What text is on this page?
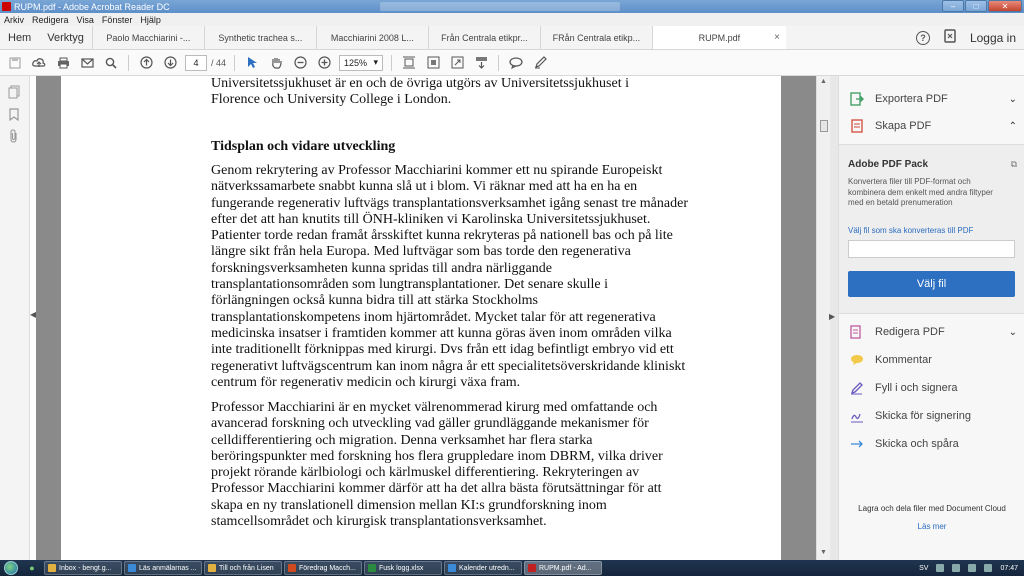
RUPM.pdf - Adobe Acrobat Reader DC	–	□	✕
Arkiv Redigera Visa Fönster Hjälp
Hem	Verktyg	Paolo Macchiarini -...	Synthetic trachea s...	Macchiarini 2008 L...	Från Centrala etikpr...	FRån Centrala etikp...	RUPM.pdf	×	?	Logga in
4	/ 44	125% ▾
◀
Universitetssjukhuset är en och de övriga utgörs av Universitetssjukhuset i
Florence och University College i London.
Tidsplan och vidare utveckling
Genom rekrytering av Professor Macchiarini kommer ett nu spirande Europeiskt
nätverkssamarbete snabbt kunna slå ut i blom. Vi räknar med att ha en ha en
fungerande regenerativ luftvägs transplantationsverksamhet igång senast tre månader
efter det att han knutits till ÖNH-kliniken vi Karolinska Universitetssjukhuset.
Patienter torde redan framåt årsskiftet kunna rekryteras på nationell bas och på lite
längre sikt från hela Europa. Med luftvägar som bas torde den regenerativa
forskningsverksamheten kunna spridas till andra närliggande
transplantationsområden som lungtransplantationer. Det senare skulle i
förlängningen också kunna bidra till att stärka Stockholms
transplantationskompetens inom hjärtområdet. Mycket talar för att regenerativa
medicinska insatser i framtiden kommer att kunna göras även inom områden vilka
inte traditionellt förknippas med kirurgi. Dvs från ett idag befintligt embryo vid ett
regenerativt luftvägscentrum kan inom några år ett specialitetsöverskridande kliniskt
centrum för regenerativ medicin och kirurgi växa fram.
Professor Macchiarini är en mycket välrenommerad kirurg med omfattande och
avancerad forskning och utveckling vad gäller grundläggande mekanismer för
celldifferentiering och migration. Denna verksamhet har flera starka
beröringspunkter med forskning hos flera gruppledare inom DBRM, vilka driver
projekt rörande kärlbiologi och kärlmuskel differentiering. Rekryteringen av
Professor Macchiarini kommer därför att ha det allra bästa förutsättningar för att
skapa en ny translationell dimension mellan KI:s grundforskning inom
stamcellsområdet och kirurgisk transplantationsverksamhet.
▲
▼
▶
Exportera PDF	⌄
Skapa PDF	⌃
Adobe PDF Pack	⧉
Konvertera filer till PDF-format och kombinera dem enkelt med andra filtyper med en betald prenumeration
Välj fil som ska konverteras till PDF
Välj fil
Redigera PDF	⌄
Kommentar
Fyll i och signera
Skicka för signering
Skicka och spåra
Lagra och dela filer med Document Cloud
Läs mer
●	Inbox - bengt.g...	Läs anmälarnas ...	Till och från Lisen	Föredrag Macch...	Fusk logg.xlsx	Kalender utredn...	RUPM.pdf - Ad...	SV	07:47
